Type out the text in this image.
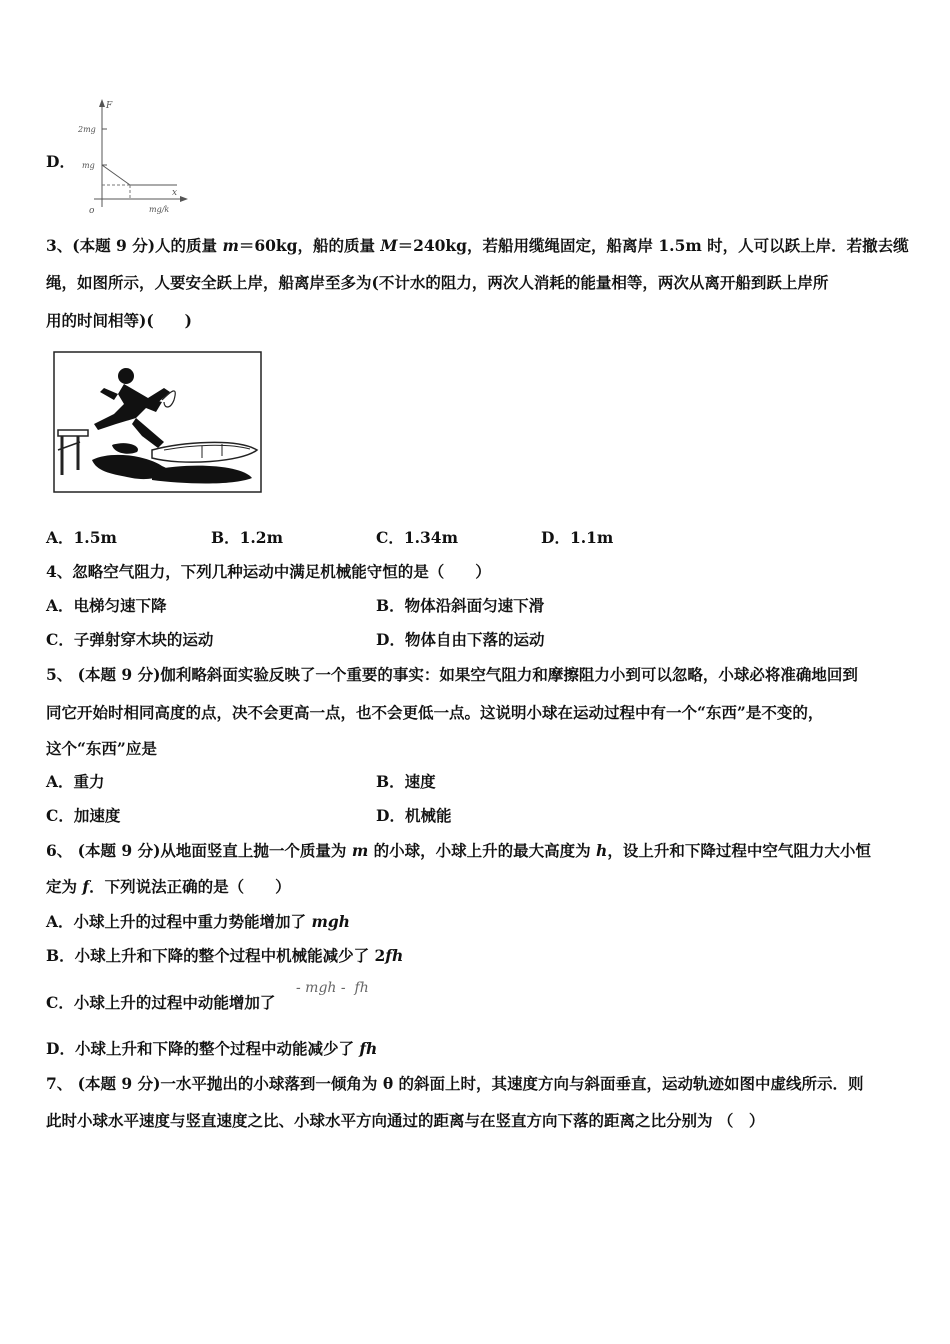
D．
F
x
o
2mg
mg
mg/k
3、(本题 9 分)人的质量 m＝60kg，船的质量 M＝240kg，若船用缆绳固定，船离岸 1.5m 时，人可以跃上岸．若撤去缆
绳，如图所示，人要安全跃上岸，船离岸至多为(不计水的阻力，两次人消耗的能量相等，两次从离开船到跃上岸所
用的时间相等)(　　)
A．1.5m	B．1.2m	C．1.34m	D．1.1m
4、忽略空气阻力，下列几种运动中满足机械能守恒的是（　　）
A．电梯匀速下降	B．物体沿斜面匀速下滑
C．子弹射穿木块的运动	D．物体自由下落的运动
5、 (本题 9 分)伽利略斜面实验反映了一个重要的事实：如果空气阻力和摩擦阻力小到可以忽略，小球必将准确地回到
同它开始时相同高度的点，决不会更高一点，也不会更低一点。这说明小球在运动过程中有一个“东西”是不变的，
这个“东西”应是
A．重力	B．速度
C．加速度	D．机械能
6、 (本题 9 分)从地面竖直上抛一个质量为 m 的小球，小球上升的最大高度为 h，设上升和下降过程中空气阻力大小恒
定为 f．下列说法正确的是（　　）
A．小球上升的过程中重力势能增加了 mgh
B．小球上升和下降的整个过程中机械能减少了 2fh
C．小球上升的过程中动能增加了
- mgh -  fh
D．小球上升和下降的整个过程中动能减少了 fh
7、 (本题 9 分)一水平抛出的小球落到一倾角为 θ 的斜面上时，其速度方向与斜面垂直，运动轨迹如图中虚线所示．则
此时小球水平速度与竖直速度之比、小球水平方向通过的距离与在竖直方向下落的距离之比分别为 （　）
